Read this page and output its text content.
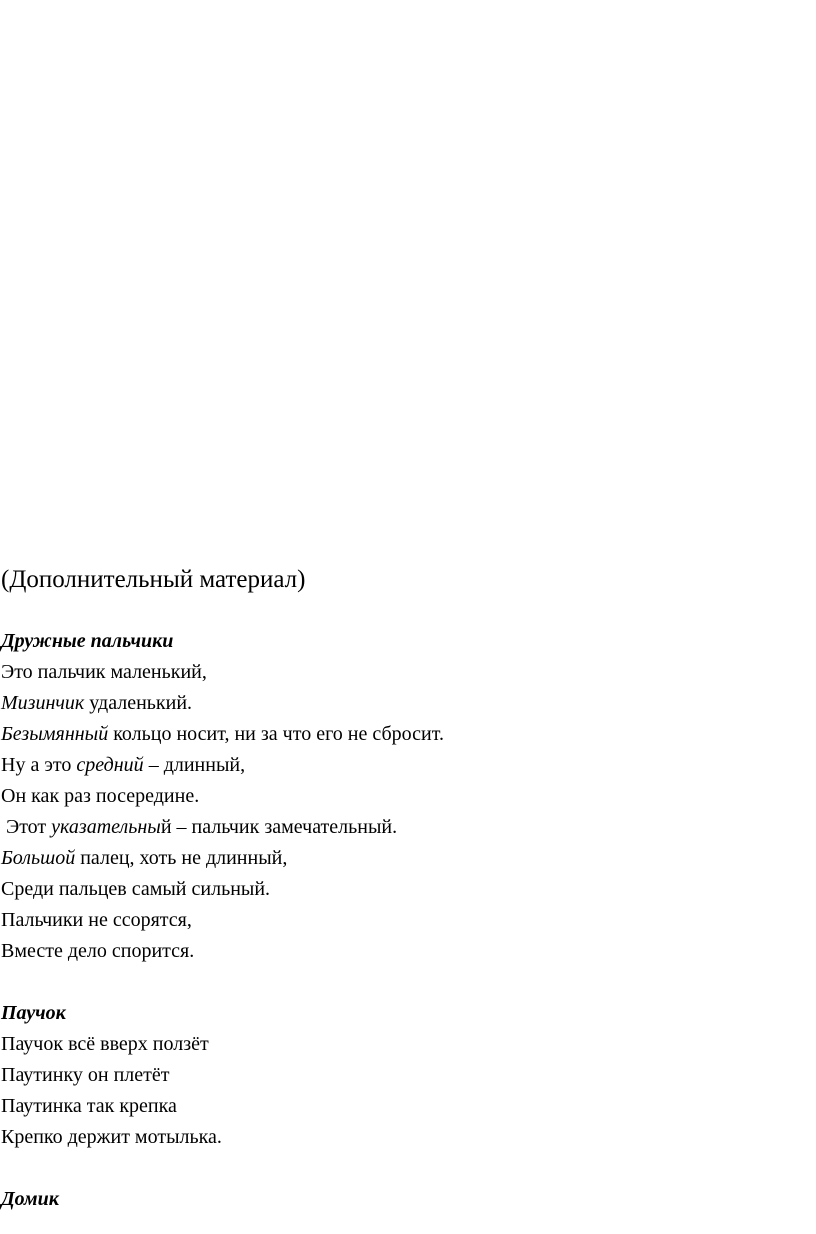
(Дополнительный материал)

Дружные пальчики

Это пальчик маленький,

Мизинчик удаленький.

Безымянный кольцо носит, ни за что его не сбросит.

Ну а это средний – длинный,

Он как раз посередине.

Этот указательный – пальчик замечательный.

Большой палец, хоть не длинный,

Среди пальцев самый сильный.

Пальчики не ссорятся,

Вместе дело спорится.

Паучок

Паучок всё вверх ползёт

Паутинку он плетёт

Паутинка так крепка

Крепко держит мотылька.

Домик
